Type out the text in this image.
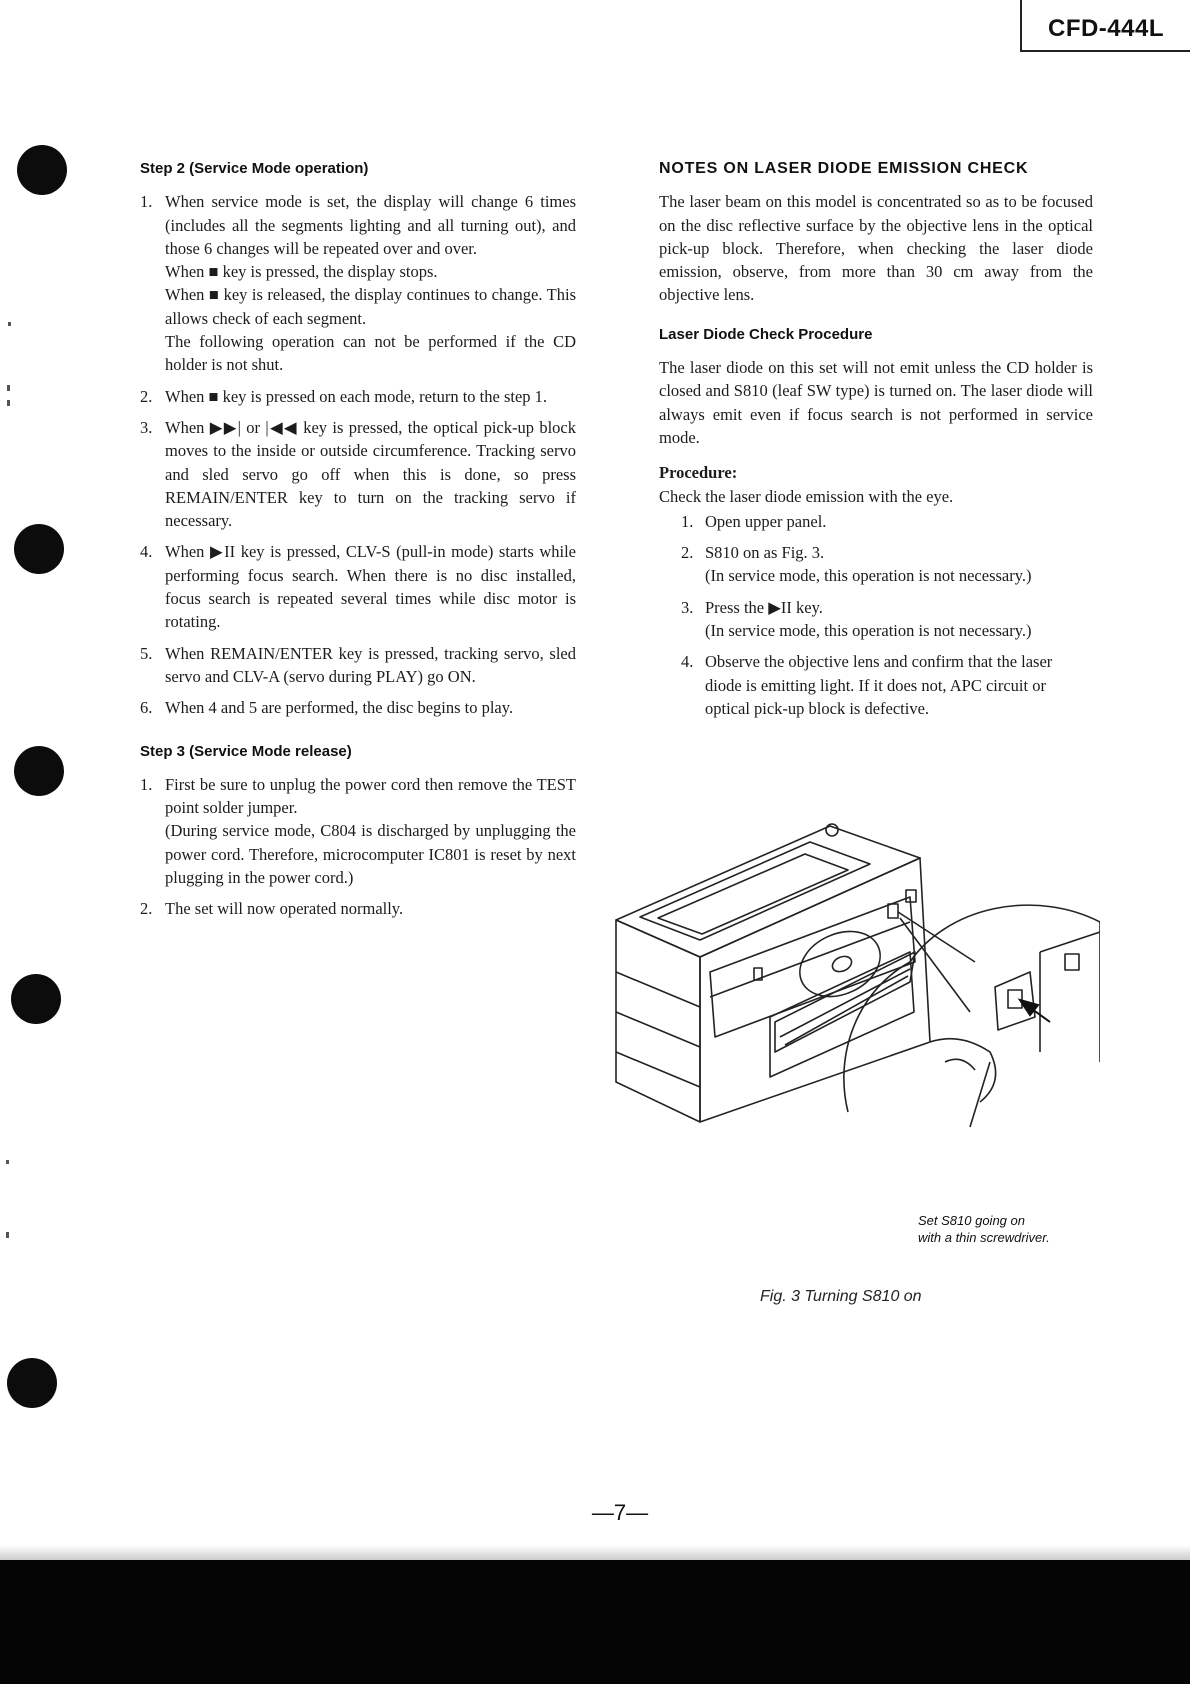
CFD-444L
Step 2 (Service Mode operation)
1. When service mode is set, the display will change 6 times (includes all the segments lighting and all turning out), and those 6 changes will be repeated over and over.

When ■ key is pressed, the display stops.

When ■ key is released, the display continues to change. This allows check of each segment.

The following operation can not be performed if the CD holder is not shut.

2. When ■ key is pressed on each mode, return to the step 1.

3. When ▶▶| or |◀◀ key is pressed, the optical pick-up block moves to the inside or outside circumference. Tracking servo and sled servo go off when this is done, so press REMAIN/ENTER key to turn on the tracking servo if necessary.

4. When ▶II key is pressed, CLV-S (pull-in mode) starts while performing focus search. When there is no disc installed, focus search is repeated several times while disc motor is rotating.

5. When REMAIN/ENTER key is pressed, tracking servo, sled servo and CLV-A (servo during PLAY) go ON.

6. When 4 and 5 are performed, the disc begins to play.

Step 3 (Service Mode release)
1. First be sure to unplug the power cord then remove the TEST point solder jumper.

(During service mode, C804 is discharged by unplugging the power cord. Therefore, microcomputer IC801 is reset by next plugging in the power cord.)

2. The set will now operated normally.

NOTES ON LASER DIODE EMISSION CHECK

The laser beam on this model is concentrated so as to be focused on the disc reflective surface by the objective lens in the optical pick-up block. Therefore, when checking the laser diode emission, observe, from more than 30 cm away from the objective lens.

Laser Diode Check Procedure

The laser diode on this set will not emit unless the CD holder is closed and S810 (leaf SW type) is turned on. The laser diode will always emit even if focus search is not performed in service mode.

Procedure:

Check the laser diode emission with the eye.

1. Open upper panel.

2. S810 on as Fig. 3.

(In service mode, this operation is not necessary.)

3. Press the ▶II key.

(In service mode, this operation is not necessary.)

4. Observe the objective lens and confirm that the laser diode is emitting light. If it does not, APC circuit or optical pick-up block is defective.

Set S810 going on
with a thin screwdriver.
Fig. 3 Turning S810 on
—7—
